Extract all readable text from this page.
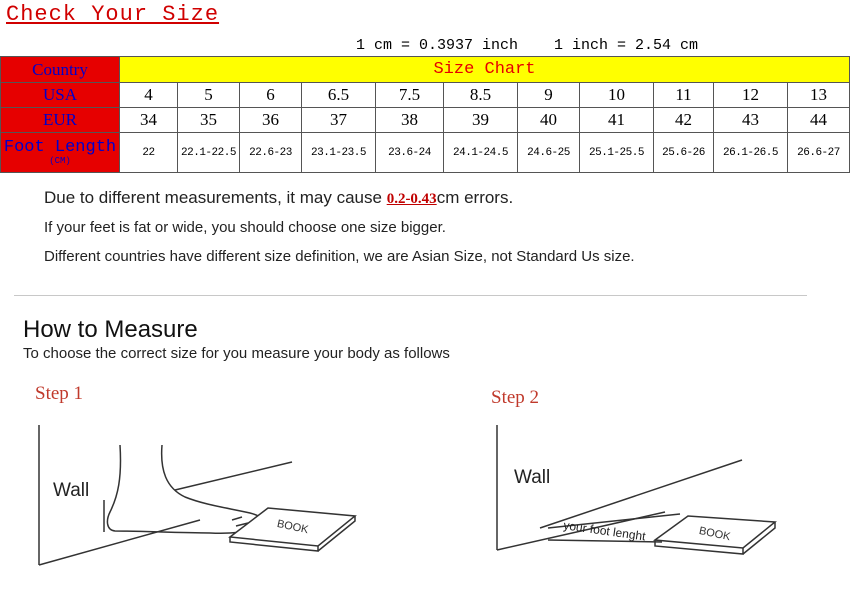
Check Your Size
1 cm = 0.3937 inch    1 inch = 2.54 cm
Country	Size Chart										
USA	4	5	6	6.5	7.5	8.5	9	10	11	12	13
EUR	34	35	36	37	38	39	40	41	42	43	44

Foot Length
(CM)	22	22.1-22.5	22.6-23	23.1-23.5	23.6-24	24.1-24.5	24.6-25	25.1-25.5	25.6-26	26.1-26.5	26.6-27
Due to different measurements, it may cause 0.2-0.43cm errors.
If your feet is fat or wide, you should choose one size bigger.
Different countries have different size definition, we are Asian Size, not Standard Us size.
How to Measure
To choose the correct size for you measure your body as follows
Step 1	Step 2
BOOK
Wall
your foot lenght	BOOK
Wall
